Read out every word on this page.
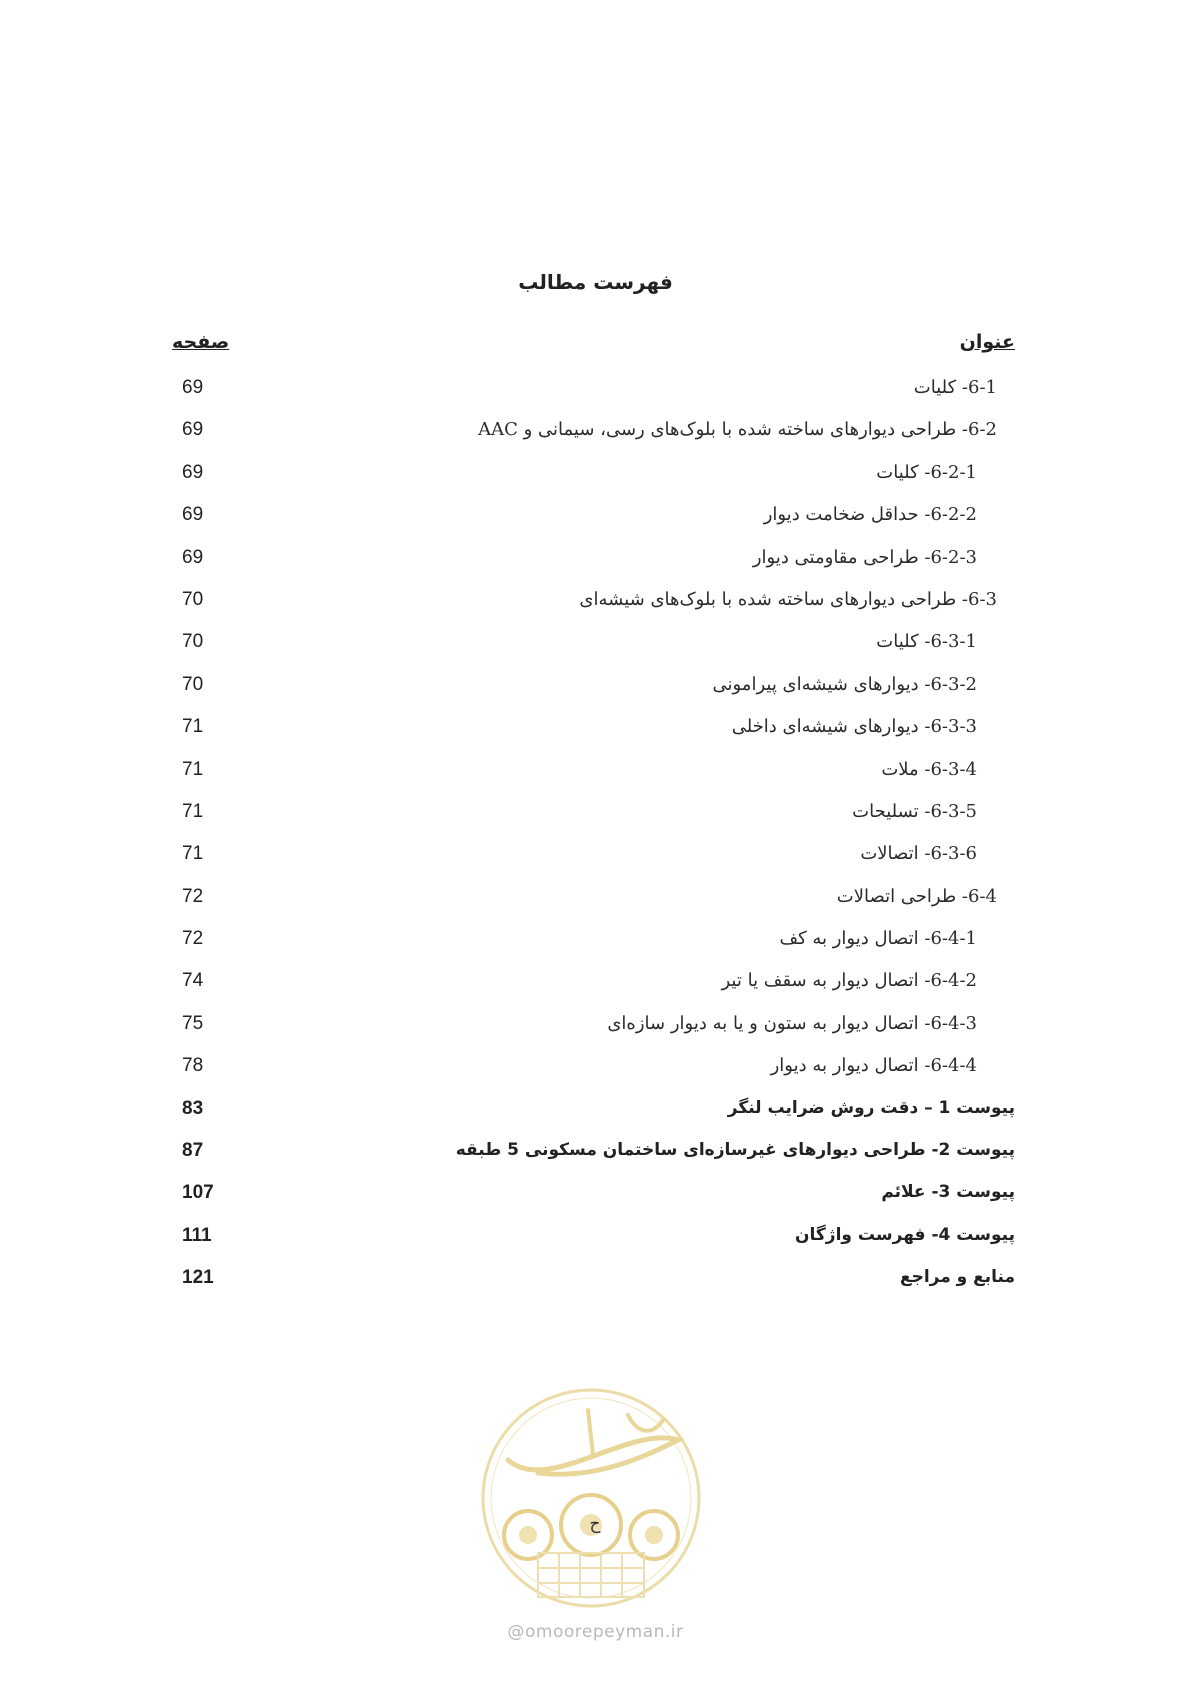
فهرست مطالب
عنوان
صفحه
6-1- کلیات
69
6-2- طراحی دیوارهای ساخته شده با بلوک‌های رسی، سیمانی و AAC
69
6-2-1- کلیات
69
6-2-2- حداقل ضخامت دیوار
69
6-2-3- طراحی مقاومتی دیوار
69
6-3- طراحی دیوارهای ساخته شده با بلوک‌های شیشه‌ای
70
6-3-1- کلیات
70
6-3-2- دیوارهای شیشه‌ای پیرامونی
70
6-3-3- دیوارهای شیشه‌ای داخلی
71
6-3-4- ملات
71
6-3-5- تسلیحات
71
6-3-6- اتصالات
71
6-4- طراحی اتصالات
72
6-4-1- اتصال دیوار به کف
72
6-4-2- اتصال دیوار به سقف یا تیر
74
6-4-3- اتصال دیوار به ستون و یا به دیوار سازه‌ای
75
6-4-4- اتصال دیوار به دیوار
78
پیوست 1 – دقت روش ضرایب لنگر
83
پیوست 2- طراحی دیوارهای غیرسازه‌ای ساختمان مسکونی 5 طبقه
87
پیوست 3- علائم
107
پیوست 4- فهرست واژگان
111
منابع و مراجع
121
ح
@omoorepeyman.ir
